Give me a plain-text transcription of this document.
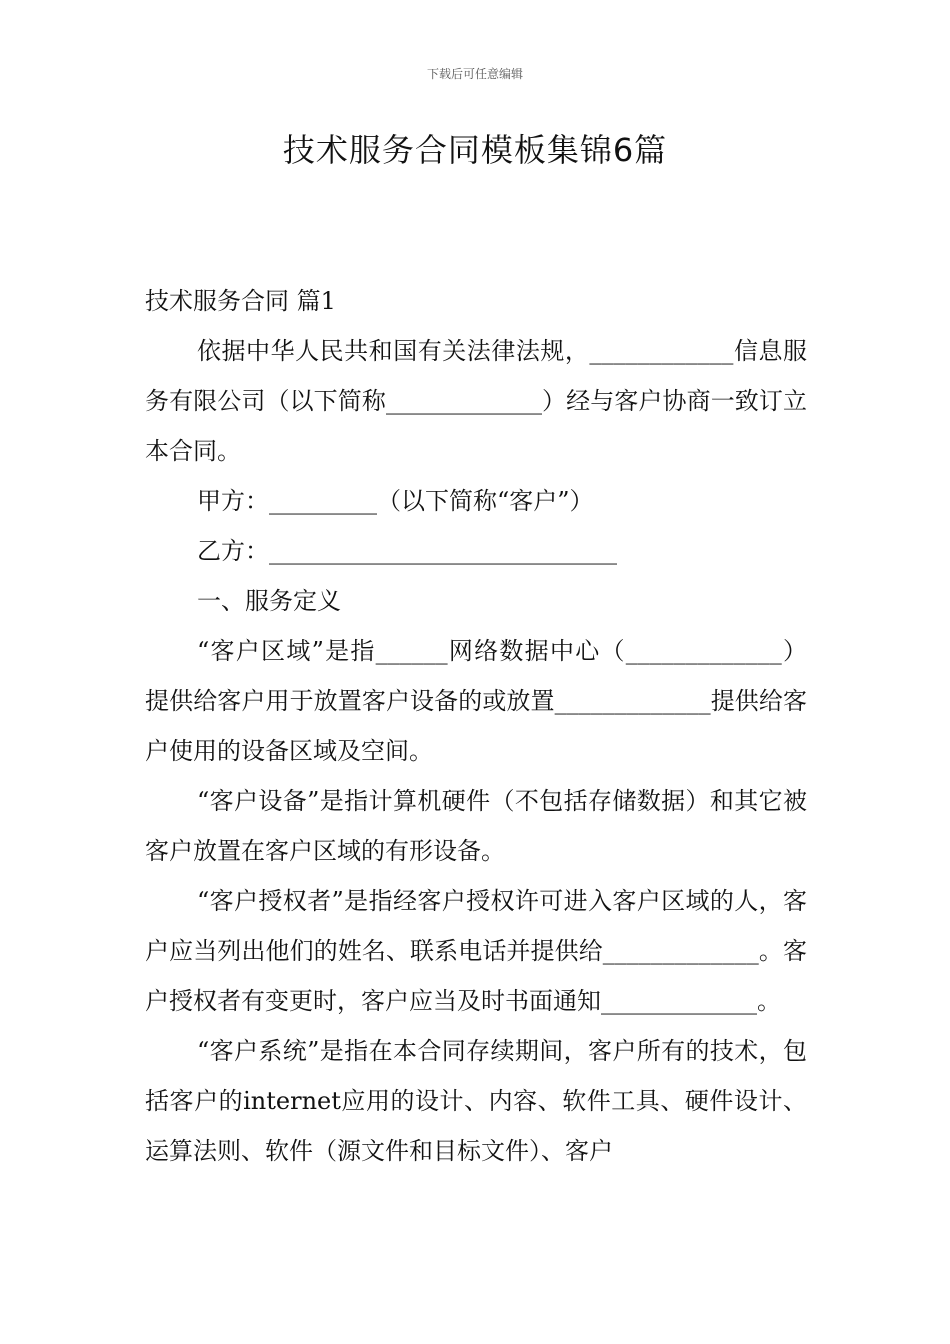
下载后可任意编辑
技术服务合同模板集锦6篇

技术服务合同 篇1

依据中华人民共和国有关法律法规，____________信息服务有限公司（以下简称_____________）经与客户协商一致订立本合同。

甲方：_________（以下简称“客户”）

乙方：_____________________________

一、服务定义

“客户区域”是指______网络数据中心（_____________）提供给客户用于放置客户设备的或放置_____________提供给客户使用的设备区域及空间。

“客户设备”是指计算机硬件（不包括存储数据）和其它被客户放置在客户区域的有形设备。

“客户授权者”是指经客户授权许可进入客户区域的人，客户应当列出他们的姓名、联系电话并提供给_____________。客户授权者有变更时，客户应当及时书面通知_____________。

“客户系统”是指在本合同存续期间，客户所有的技术，包括客户的internet应用的设计、内容、软件工具、硬件设计、运算法则、软件（源文件和目标文件）、客户
